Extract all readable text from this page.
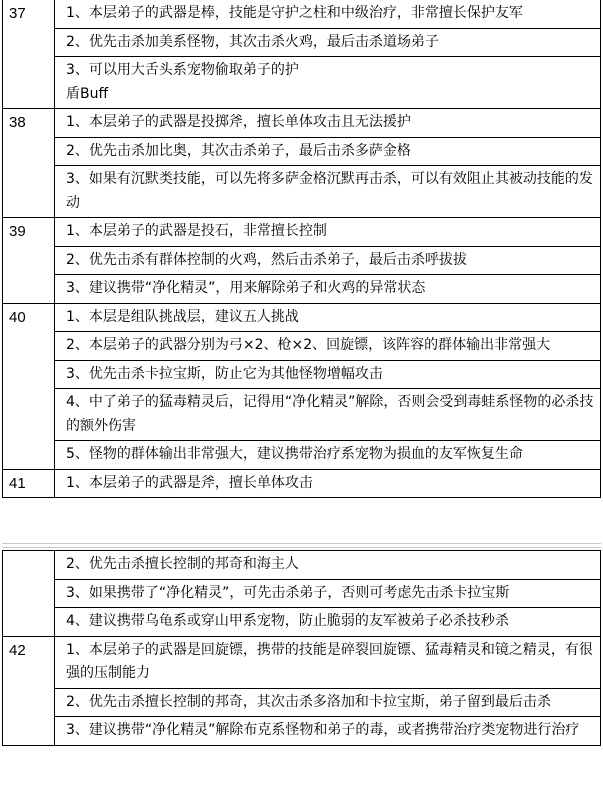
37	1、本层弟子的武器是棒，技能是守护之柱和中级治疗，非常擅长保护友军
	2、优先击杀加美系怪物，其次击杀火鸡，最后击杀道场弟子
	3、可以用大舌头系宠物偷取弟子的护盾Buff
38	1、本层弟子的武器是投掷斧，擅长单体攻击且无法援护
	2、优先击杀加比奥，其次击杀弟子，最后击杀多萨金格
	3、如果有沉默类技能，可以先将多萨金格沉默再击杀，可以有效阻止其被动技能的发动
39	1、本层弟子的武器是投石，非常擅长控制
	2、优先击杀有群体控制的火鸡，然后击杀弟子，最后击杀呼拔拔
	3、建议携带“净化精灵”，用来解除弟子和火鸡的异常状态
40	1、本层是组队挑战层，建议五人挑战
	2、本层弟子的武器分别为弓×2、枪×2、回旋镖，该阵容的群体输出非常强大
	3、优先击杀卡拉宝斯，防止它为其他怪物增幅攻击
	4、中了弟子的猛毒精灵后，记得用“净化精灵”解除，否则会受到毒蛙系怪物的必杀技的额外伤害
	5、怪物的群体输出非常强大，建议携带治疗系宠物为损血的友军恢复生命
41	1、本层弟子的武器是斧，擅长单体攻击
	2、优先击杀擅长控制的邦奇和海主人
	3、如果携带了“净化精灵”，可先击杀弟子，否则可考虑先击杀卡拉宝斯
	4、建议携带乌龟系或穿山甲系宠物，防止脆弱的友军被弟子必杀技秒杀
42	1、本层弟子的武器是回旋镖，携带的技能是碎裂回旋镖、猛毒精灵和镜之精灵，有很强的压制能力
	2、优先击杀擅长控制的邦奇，其次击杀多洛加和卡拉宝斯，弟子留到最后击杀
	3、建议携带“净化精灵”解除布克系怪物和弟子的毒，或者携带治疗类宠物进行治疗
